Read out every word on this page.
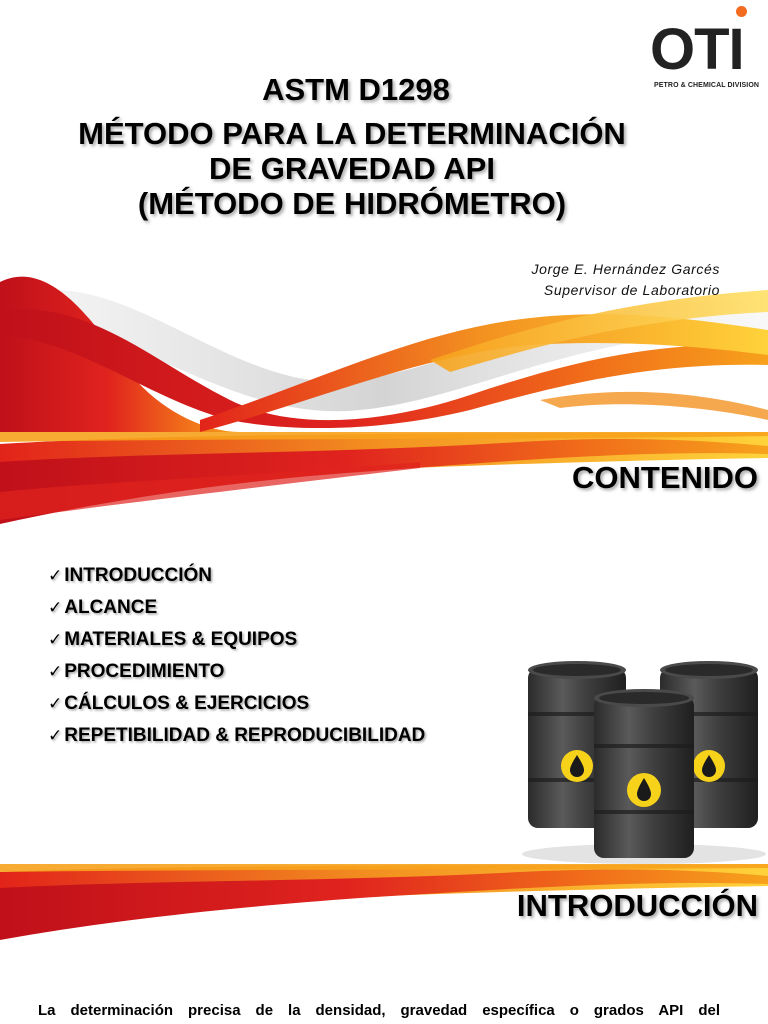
OTI
PETRO & CHEMICAL DIVISION
ASTM D1298
MÉTODO PARA LA DETERMINACIÓN
DE GRAVEDAD API
(MÉTODO DE HIDRÓMETRO)
Jorge E. Hernández Garcés
Supervisor de Laboratorio
CONTENIDO
✓ INTRODUCCIÓN
✓ ALCANCE
✓ MATERIALES & EQUIPOS
✓ PROCEDIMIENTO
✓ CÁLCULOS & EJERCICIOS
✓ REPETIBILIDAD & REPRODUCIBILIDAD
INTRODUCCIÓN

La determinación precisa de la densidad, gravedad específica o grados API del
